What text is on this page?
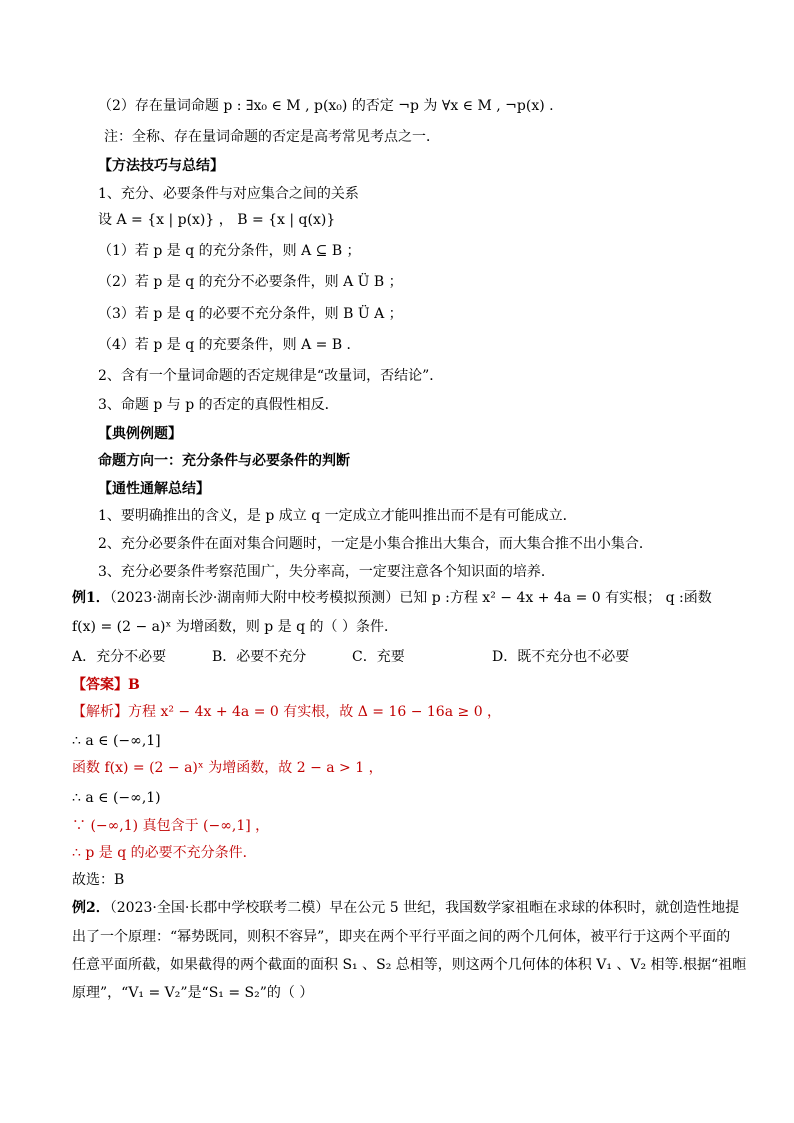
（2）存在量词命题 p : ∃x₀ ∈ M , p(x₀) 的否定 ¬p 为 ∀x ∈ M , ¬p(x) .
注：全称、存在量词命题的否定是高考常见考点之一．
【方法技巧与总结】
1、充分、必要条件与对应集合之间的关系
设 A = {x | p(x)} ， B = {x | q(x)}
（1）若 p 是 q 的充分条件，则 A ⊆ B ；
（2）若 p 是 q 的充分不必要条件，则 A Ü B ；
（3）若 p 是 q 的必要不充分条件，则 B Ü A ；
（4）若 p 是 q 的充要条件，则 A = B ．
2、含有一个量词命题的否定规律是“改量词，否结论”．
3、命题 p 与 p 的否定的真假性相反．
【典例例题】
命题方向一：充分条件与必要条件的判断
【通性通解总结】
1、要明确推出的含义，是 p 成立 q 一定成立才能叫推出而不是有可能成立．
2、充分必要条件在面对集合问题时，一定是小集合推出大集合，而大集合推不出小集合．
3、充分必要条件考察范围广，失分率高，一定要注意各个知识面的培养．
例1．（2023·湖南长沙·湖南师大附中校考模拟预测）已知 p :方程 x² − 4x + 4a = 0 有实根； q :函数
f(x) = (2 − a)ˣ 为增函数，则 p 是 q 的（ ）条件．
A．充分不必要	B．必要不充分	C．充要	D．既不充分也不必要
【答案】B
【解析】方程 x² − 4x + 4a = 0 有实根，故 Δ = 16 − 16a ≥ 0 ，
∴ a ∈ (−∞,1]
函数 f(x) = (2 − a)ˣ 为增函数，故 2 − a > 1 ，
∴ a ∈ (−∞,1)
∵ (−∞,1) 真包含于 (−∞,1] ，
∴ p 是 q 的必要不充分条件．
故选：B
例2．（2023·全国·长郡中学校联考二模）早在公元 5 世纪，我国数学家祖暅在求球的体积时，就创造性地提
出了一个原理：“幂势既同，则积不容异”，即夹在两个平行平面之间的两个几何体，被平行于这两个平面的
任意平面所截，如果截得的两个截面的面积 S₁ 、S₂ 总相等，则这两个几何体的体积 V₁ 、V₂ 相等.根据“祖暅
原理”，“V₁ = V₂”是“S₁ = S₂”的（ ）
